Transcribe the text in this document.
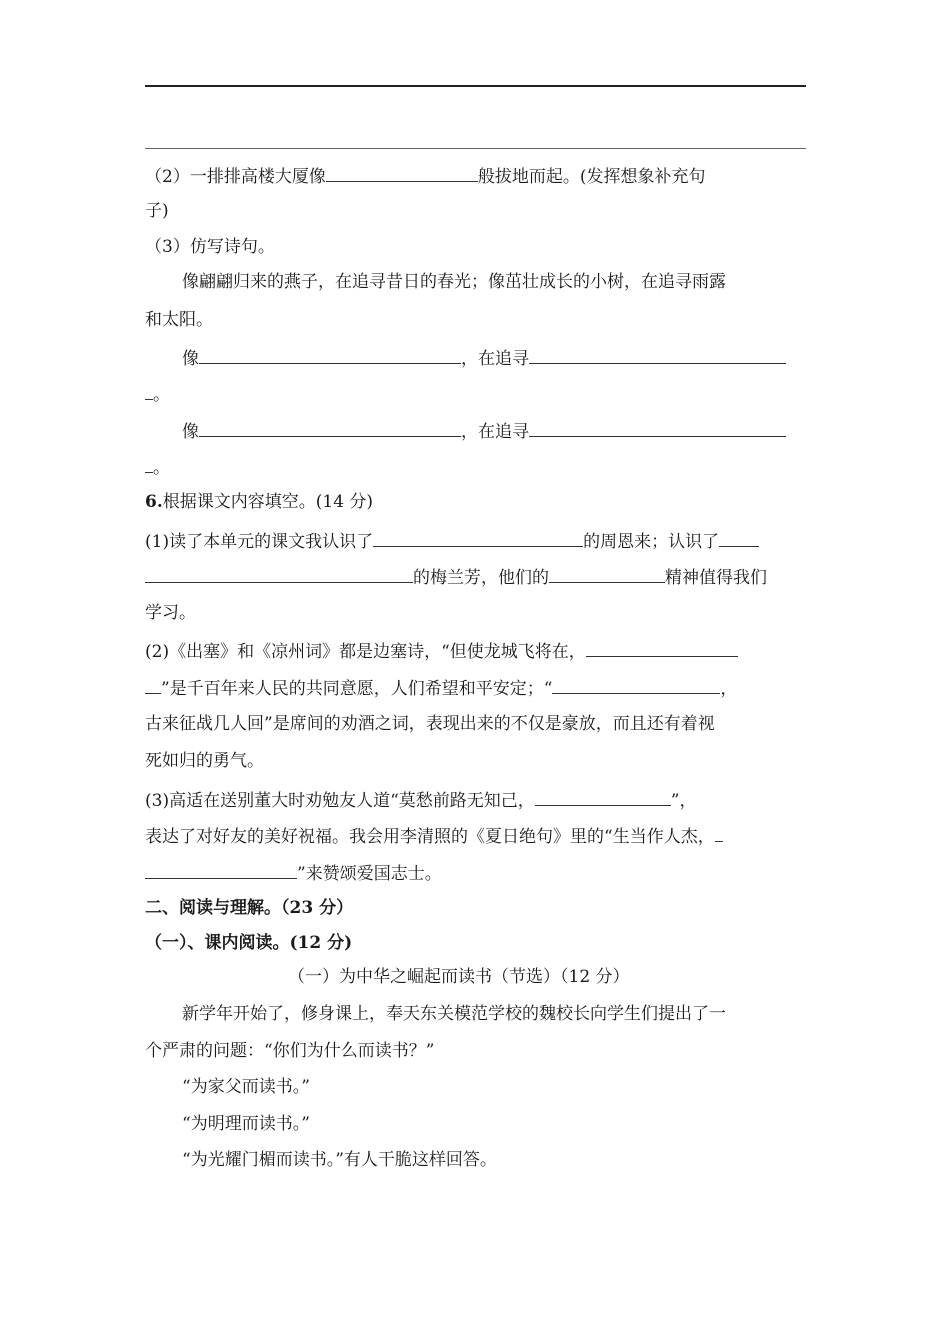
（2）一排排高楼大厦像	般拔地而起。(发挥想象补充句
子)
（3）仿写诗句。
像翩翩归来的燕子，在追寻昔日的春光；像茁壮成长的小树，在追寻雨露
和太阳。
像	，在追寻
。
像	，在追寻
。
6.根据课文内容填空。(14 分)
(1)读了本单元的课文我认识了	的周恩来；认识了
的梅兰芳，他们的	精神值得我们
学习。
(2)《出塞》和《凉州词》都是边塞诗，“但使龙城飞将在，
”是千百年来人民的共同意愿，人们希望和平安定；“	，
古来征战几人回”是席间的劝酒之词，表现出来的不仅是豪放，而且还有着视
死如归的勇气。
(3)高适在送别董大时劝勉友人道“莫愁前路无知己，	”，
表达了对好友的美好祝福。我会用李清照的《夏日绝句》里的“生当作人杰，
”来赞颂爱国志士。
二、阅读与理解。（23 分）
（一）、课内阅读。(12 分)
（一）为中华之崛起而读书（节选）（12 分）
新学年开始了，修身课上，奉天东关模范学校的魏校长向学生们提出了一
个严肃的问题：“你们为什么而读书？”
“为家父而读书。”
“为明理而读书。”
“为光耀门楣而读书。”有人干脆这样回答。
